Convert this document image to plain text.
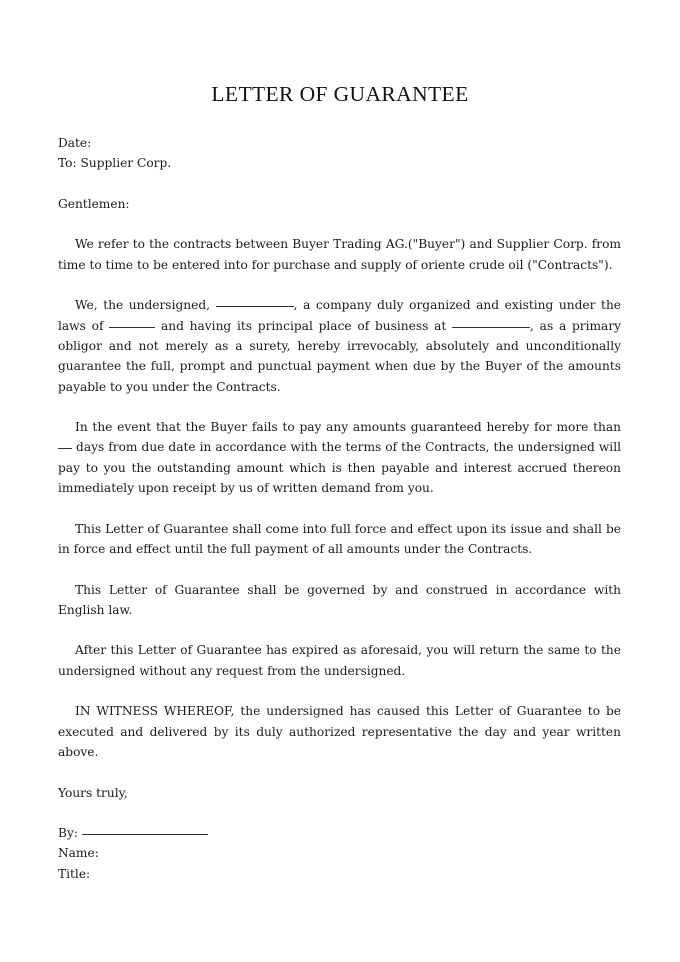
LETTER OF GUARANTEE
Date:
To: Supplier Corp.
Gentlemen:
We refer to the contracts between Buyer Trading AG.("Buyer") and Supplier Corp. from time to time to be entered into for purchase and supply of oriente crude oil ("Contracts").
We, the undersigned,	, a company duly organized and existing under the laws of	and having its principal place of business at	, as a primary obligor and not merely as a surety, hereby irrevocably, absolutely and unconditionally guarantee the full, prompt and punctual payment when due by the Buyer of the amounts payable to you under the Contracts.
In the event that the Buyer fails to pay any amounts guaranteed hereby for more than  days from due date in accordance with the terms of the Contracts, the undersigned will pay to you the outstanding amount which is then payable and interest accrued thereon immediately upon receipt by us of written demand from you.
This Letter of Guarantee shall come into full force and effect upon its issue and shall be in force and effect until the full payment of all amounts under the Contracts.
This Letter of Guarantee shall be governed by and construed in accordance with English law.
After this Letter of Guarantee has expired as aforesaid, you will return the same to the undersigned without any request from the undersigned.
IN WITNESS WHEREOF, the undersigned has caused this Letter of Guarantee to be executed and delivered by its duly authorized representative the day and year written above.
Yours truly,
By:
Name:
Title:
